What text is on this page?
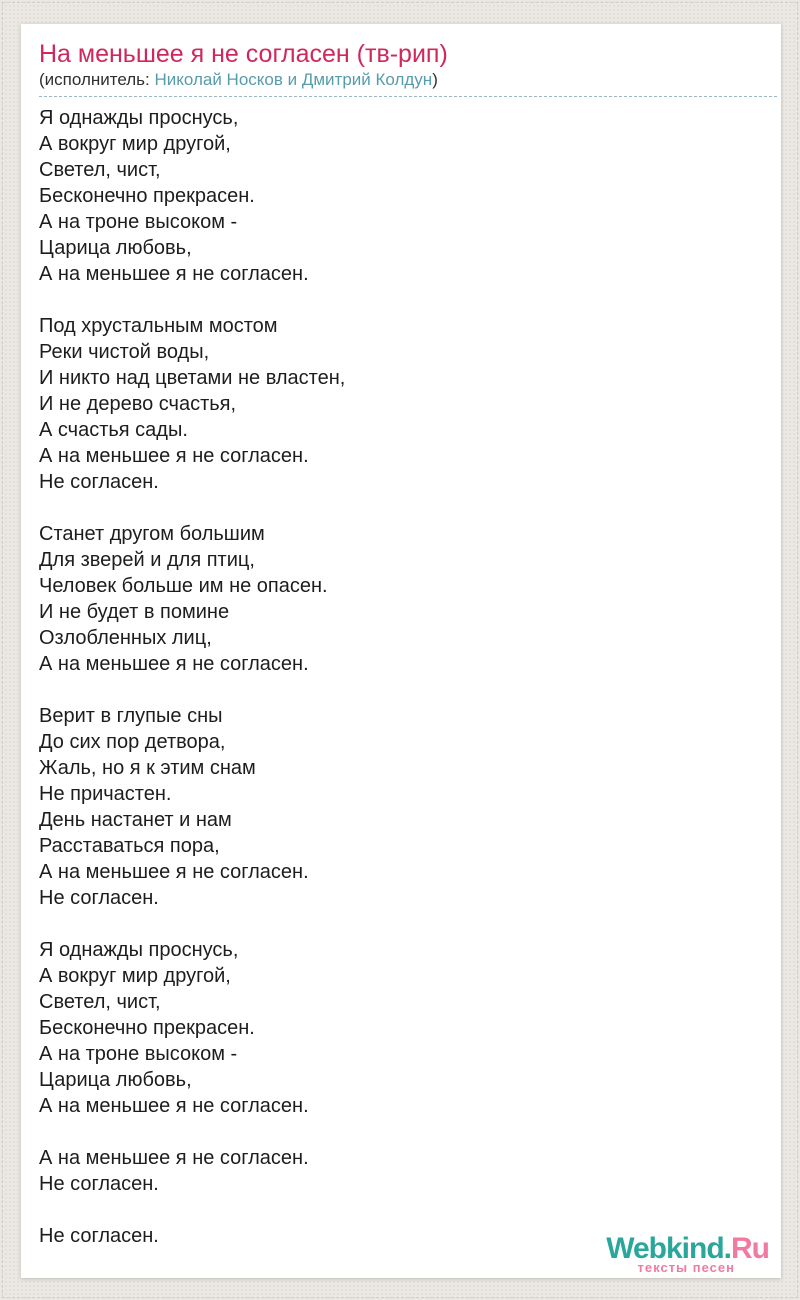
На меньшее я не согласен (тв-рип)
(исполнитель: Николай Носков и Дмитрий Колдун)

Я однажды проснусь,
А вокруг мир другой,
Светел, чист,
Бесконечно прекрасен.
А на троне высоком -
Царица любовь,
А на меньшее я не согласен.

Под хрустальным мостом
Реки чистой воды,
И никто над цветами не властен,
И не дерево счастья,
А счастья сады.
А на меньшее я не согласен.
Не согласен.

Станет другом большим
Для зверей и для птиц,
Человек больше им не опасен.
И не будет в помине
Озлобленных лиц,
А на меньшее я не согласен.

Верит в глупые сны
До сих пор детвора,
Жаль, но я к этим снам
Не причастен.
День настанет и нам
Расставаться пора,
А на меньшее я не согласен.
Не согласен.

Я однажды проснусь,
А вокруг мир другой,
Светел, чист,
Бесконечно прекрасен.
А на троне высоком -
Царица любовь,
А на меньшее я не согласен.

А на меньшее я не согласен.
Не согласен.

Не согласен.	Webkind.Ru
тексты песен
